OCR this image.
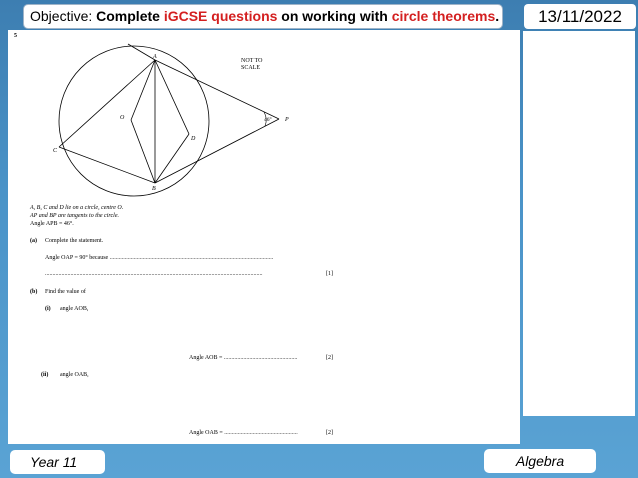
Objective: Complete iGCSE questions on working with circle theorems.	13/11/2022
5
A
B
C
D
O	P
46°
NOT TO
SCALE
A, B, C and D lie on a circle, centre O.
AP and BP are tangents to the circle.
Angle APB = 46°.
(a) Complete the statement.
Angle OAP = 90° because .............................................................................................................
.................................................................................................................................................	[1]
(b) Find the value of
(i) angle AOB,
Angle AOB = .................................................	[2]
(ii) angle OAB,
Angle OAB = .................................................	[2]
Year 11	Algebra
